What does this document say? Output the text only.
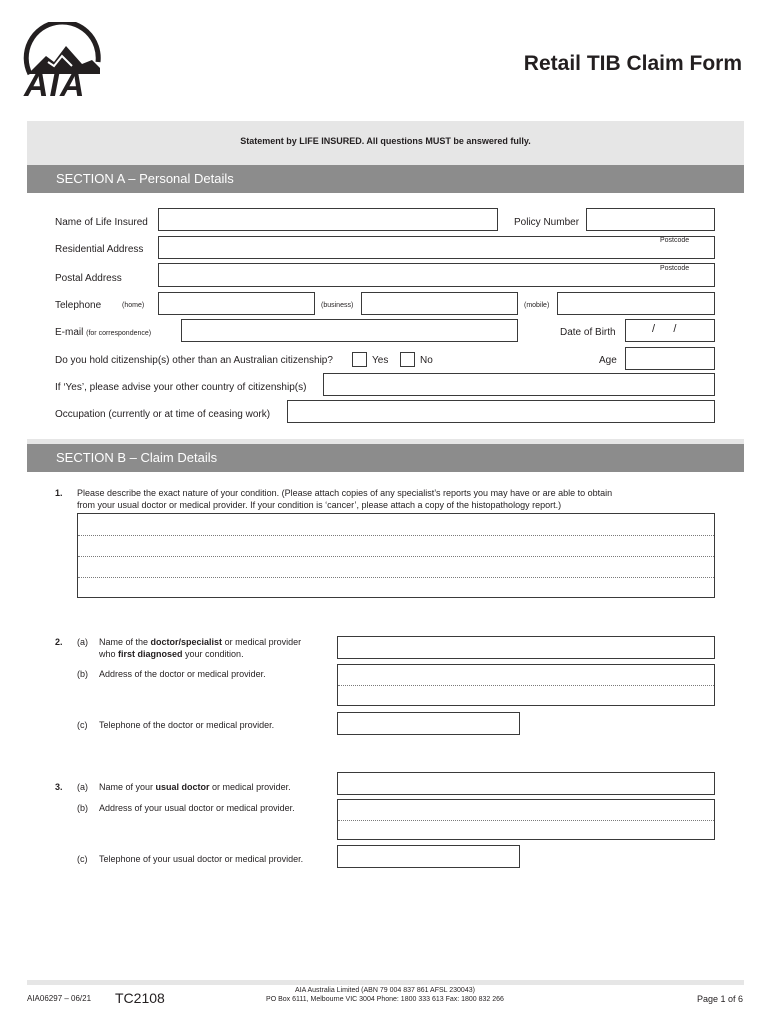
AIA
Retail TIB Claim Form
Statement by LIFE INSURED. All questions MUST be answered fully.
SECTION A – Personal Details
Name of Life Insured	Policy Number
Residential Address
Postcode
Postal Address
Postcode
Telephone	(home)	(business)	(mobile)
E-mail (for correspondence)	Date of Birth	/      /
Do you hold citizenship(s) other than an Australian citizenship?	Yes	No	Age
If ‘Yes’, please advise your other country of citizenship(s)
Occupation (currently or at time of ceasing work)
SECTION B – Claim Details
1. Please describe the exact nature of your condition. (Please attach copies of any specialist’s reports you may have or are able to obtain
from your usual doctor or medical provider. If your condition is ‘cancer’, please attach a copy of the histopathology report.)
2. (a) Name of the doctor/specialist or medical provider
who first diagnosed your condition.
(b) Address of the doctor or medical provider.
(c) Telephone of the doctor or medical provider.
3. (a) Name of your usual doctor or medical provider.
(b) Address of your usual doctor or medical provider.
(c) Telephone of your usual doctor or medical provider.
AIA06297 – 06/21 TC2108	AIA Australia Limited (ABN 79 004 837 861 AFSL 230043)
PO Box 6111, Melbourne VIC 3004 Phone: 1800 333 613 Fax: 1800 832 266	Page 1 of 6
